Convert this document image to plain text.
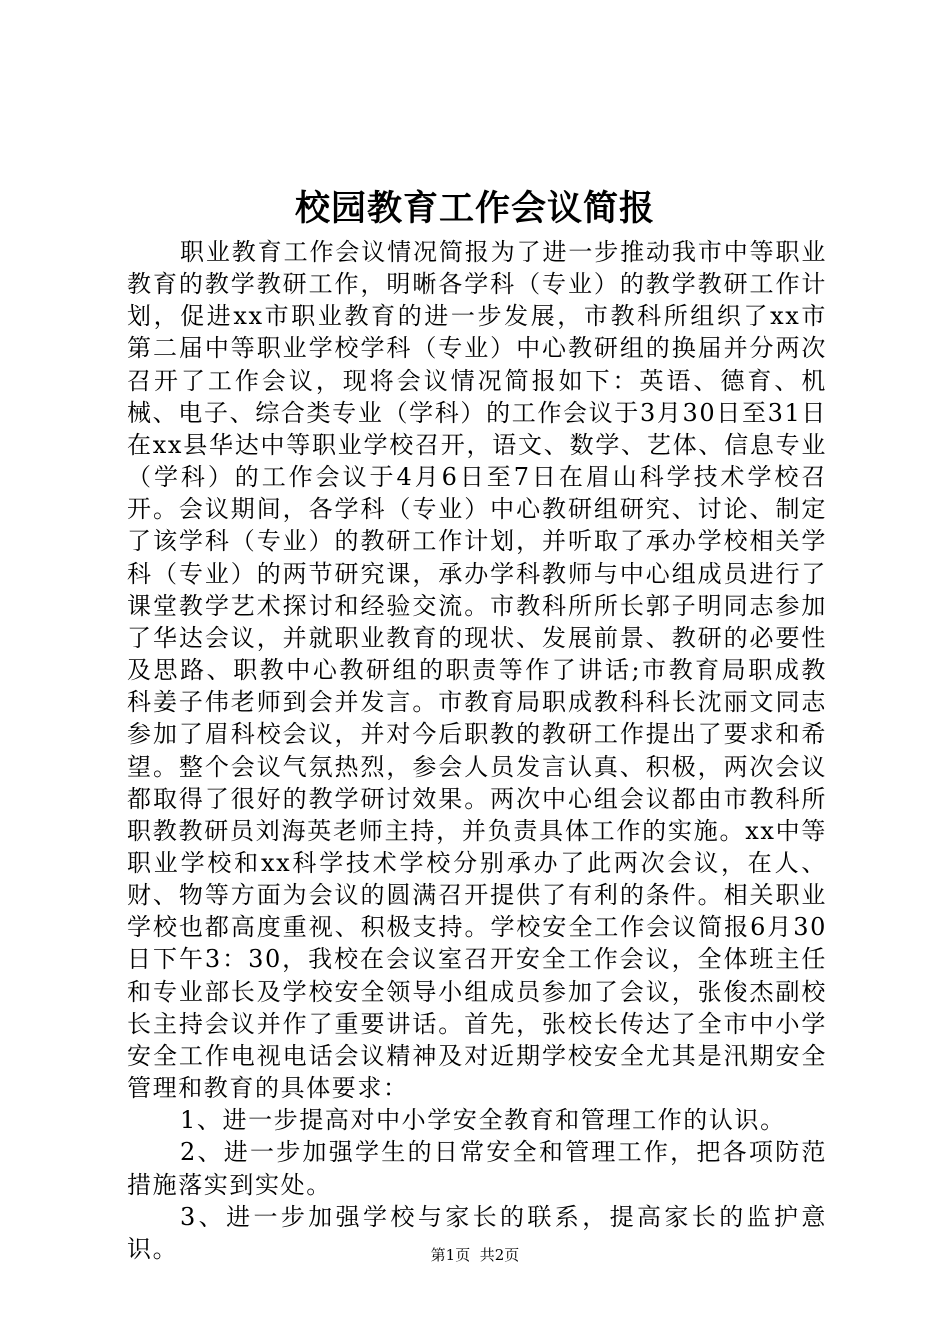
校园教育工作会议简报

职业教育工作会议情况简报为了进一步推动我市中等职业教育的教学教研工作，明晰各学科（专业）的教学教研工作计划，促进xx市职业教育的进一步发展，市教科所组织了xx市第二届中等职业学校学科（专业）中心教研组的换届并分两次召开了工作会议，现将会议情况简报如下：英语、德育、机械、电子、综合类专业（学科）的工作会议于3月30日至31日在xx县华达中等职业学校召开，语文、数学、艺体、信息专业（学科）的工作会议于4月6日至7日在眉山科学技术学校召开。会议期间，各学科（专业）中心教研组研究、讨论、制定了该学科（专业）的教研工作计划，并听取了承办学校相关学科（专业）的两节研究课，承办学科教师与中心组成员进行了课堂教学艺术探讨和经验交流。市教科所所长郭子明同志参加了华达会议，并就职业教育的现状、发展前景、教研的必要性及思路、职教中心教研组的职责等作了讲话;市教育局职成教科姜子伟老师到会并发言。市教育局职成教科科长沈丽文同志参加了眉科校会议，并对今后职教的教研工作提出了要求和希望。整个会议气氛热烈，参会人员发言认真、积极，两次会议都取得了很好的教学研讨效果。两次中心组会议都由市教科所职教教研员刘海英老师主持，并负责具体工作的实施。xx中等职业学校和xx科学技术学校分别承办了此两次会议，在人、财、物等方面为会议的圆满召开提供了有利的条件。相关职业学校也都高度重视、积极支持。学校安全工作会议简报6月30日下午3：30，我校在会议室召开安全工作会议，全体班主任和专业部长及学校安全领导小组成员参加了会议，张俊杰副校长主持会议并作了重要讲话。首先，张校长传达了全市中小学安全工作电视电话会议精神及对近期学校安全尤其是汛期安全管理和教育的具体要求：

1、进一步提高对中小学安全教育和管理工作的认识。

2、进一步加强学生的日常安全和管理工作，把各项防范措施落实到实处。

3、进一步加强学校与家长的联系，提高家长的监护意识。	第1页 共2页
